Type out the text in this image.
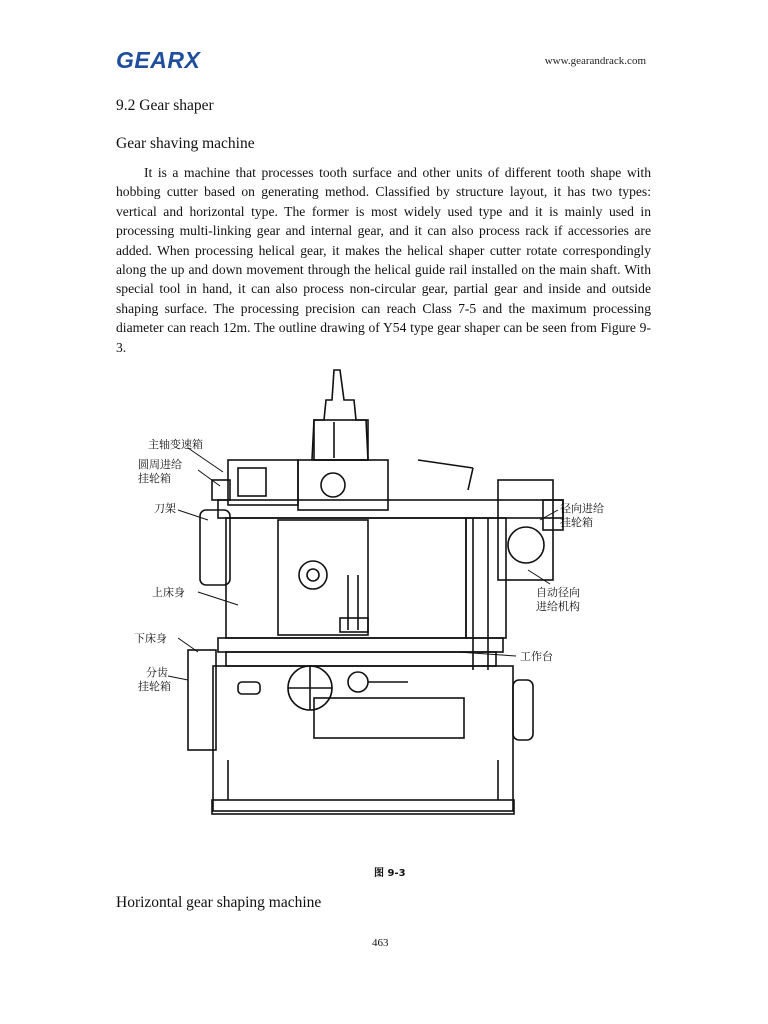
GEARX	www.gearandrack.com
9.2 Gear shaper
Gear shaving machine

It is a machine that processes tooth surface and other units of different tooth shape with hobbing cutter based on generating method. Classified by structure layout, it has two types: vertical and horizontal type. The former is most widely used type and it is mainly used in processing multi-linking gear and internal gear, and it can also process rack if accessories are added. When processing helical gear, it makes the helical shaper cutter rotate correspondingly along the up and down movement through the helical guide rail installed on the main shaft. With special tool in hand, it can also process non-circular gear, partial gear and inside and outside shaping surface. The processing precision can reach Class 7-5 and the maximum processing diameter can reach 12m. The outline drawing of Y54 type gear shaper can be seen from Figure 9-3.

主轴变速箱
圆周进给
挂轮箱
刀架
上床身
下床身
分齿
挂轮箱
径向进给
挂轮箱
自动径向
进给机构
工作台
图 9-3
Horizontal gear shaping machine
463
